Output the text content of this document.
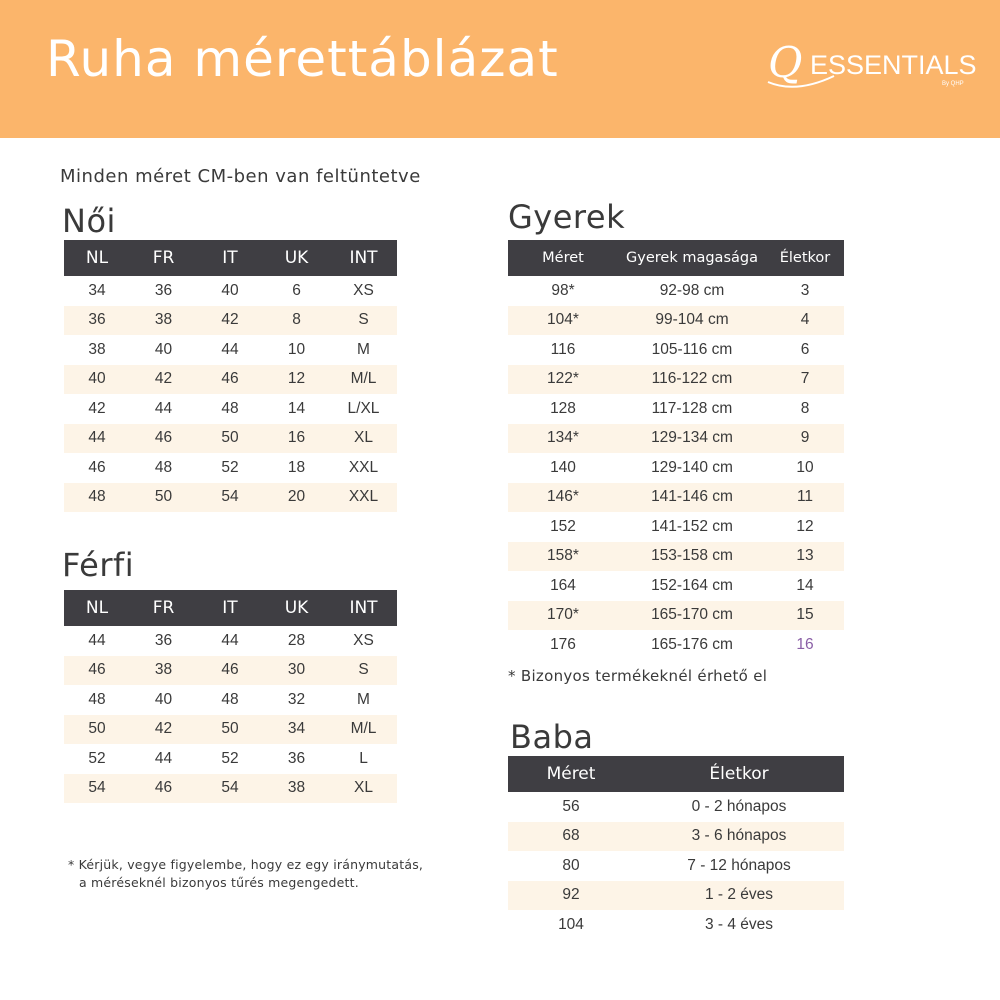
Ruha mérettáblázat	Q ESSENTIALS
By QHP
Minden méret CM-ben van feltüntetve
Női
NL	FR	IT	UK	INT
34	36	40	6	XS
36	38	42	8	S
38	40	44	10	M
40	42	46	12	M/L
42	44	48	14	L/XL
44	46	50	16	XL
46	48	52	18	XXL
48	50	54	20	XXL
Férfi
NL	FR	IT	UK	INT
44	36	44	28	XS
46	38	46	30	S
48	40	48	32	M
50	42	50	34	M/L
52	44	52	36	L
54	46	54	38	XL
Gyerek
Méret	Gyerek magasága	Életkor
98*	92-98 cm	3
104*	99-104 cm	4
116	105-116 cm	6
122*	116-122 cm	7
128	117-128 cm	8
134*	129-134 cm	9
140	129-140 cm	10
146*	141-146 cm	11
152	141-152 cm	12
158*	153-158 cm	13
164	152-164 cm	14
170*	165-170 cm	15
176	165-176 cm	16
* Bizonyos termékeknél érhető el
Baba
Méret	Életkor
56	0 - 2 hónapos
68	3 - 6 hónapos
80	7 - 12 hónapos
92	1 - 2 éves
104	3 - 4 éves
* Kérjük, vegye figyelembe, hogy ez egy iránymutatás,
a méréseknél bizonyos tűrés megengedett.
